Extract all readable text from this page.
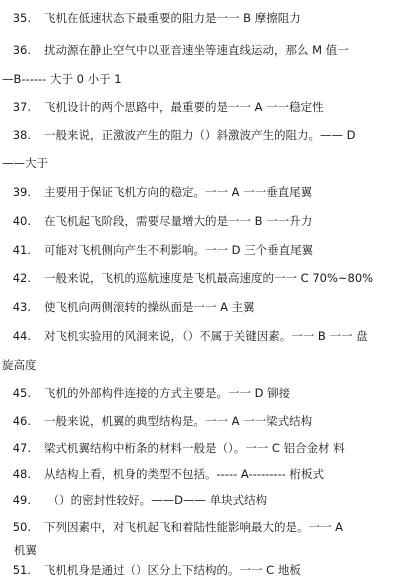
35. 飞机在低速状态下最重要的阻力是一一 B 摩擦阻力
36. 扰动源在静止空气中以亚音速坐等速直线运动，那么 M 值一
—B------ 大于 0 小于 1
37. 飞机设计的两个思路中，最重要的是一一 A 一一稳定性
38. 一般来说，正激波产生的阻力（）斜激波产生的阻力。—— D
——大于
39. 主要用于保证飞机方向的稳定。一一 A 一一垂直尾翼
40. 在飞机起飞阶段，需要尽量增大的是一一 B 一一升力
41. 可能对飞机侧向产生不利影响。一一 D 三个垂直尾翼
42. 一般来说，飞机的巡航速度是飞机最高速度的一一 C 70%~80%
43. 使飞机向两侧滚转的操纵面是一一 A 主翼
44. 对飞机实验用的风洞来说，（）不属于关键因素。一一 B 一一 盘
旋高度
45. 飞机的外部构件连接的方式主要是。一一 D 铆接
46. 一般来说，机翼的典型结构是。一一 A 一一梁式结构
47. 梁式机翼结构中桁条的材料一般是（）。一一 C 铝合金材 料
48. 从结构上看，机身的类型不包括。----- A--------- 桁板式
49. （）的密封性较好。——D—— 单块式结构
50. 下列因素中，对飞机起飞和着陆性能影响最大的是。一一 A
机翼
51. 飞机机身是通过（）区分上下结构的。一一 C 地板
